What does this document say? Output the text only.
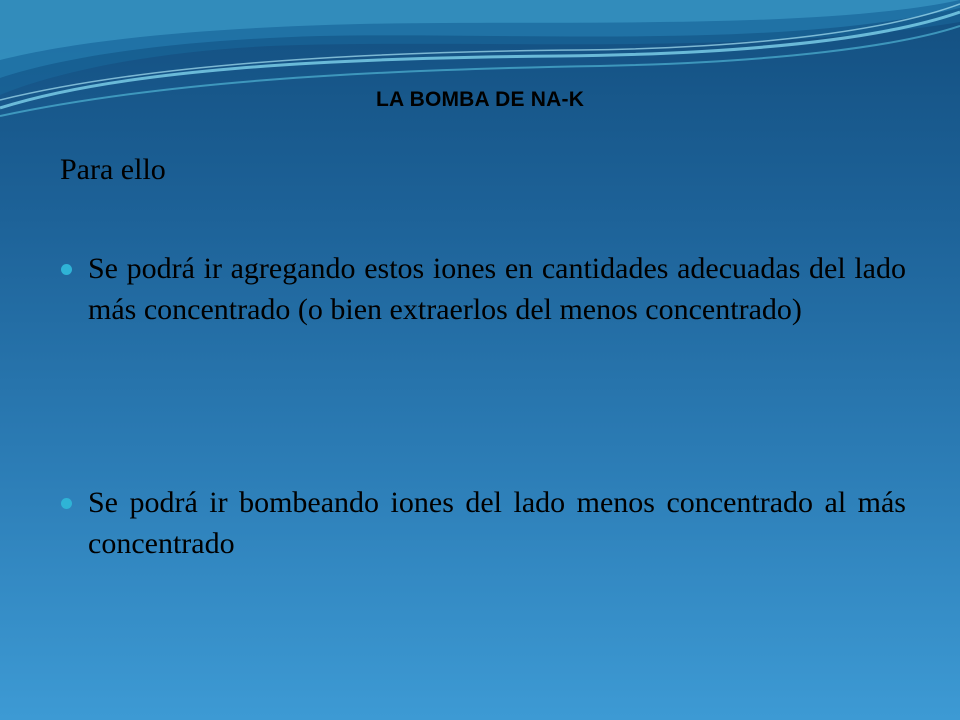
LA BOMBA DE NA-K
Para ello
Se podrá ir agregando estos iones en cantidades adecuadas del lado más concentrado (o bien extraerlos del menos concentrado)
Se podrá ir bombeando iones del lado menos concentrado al más concentrado
